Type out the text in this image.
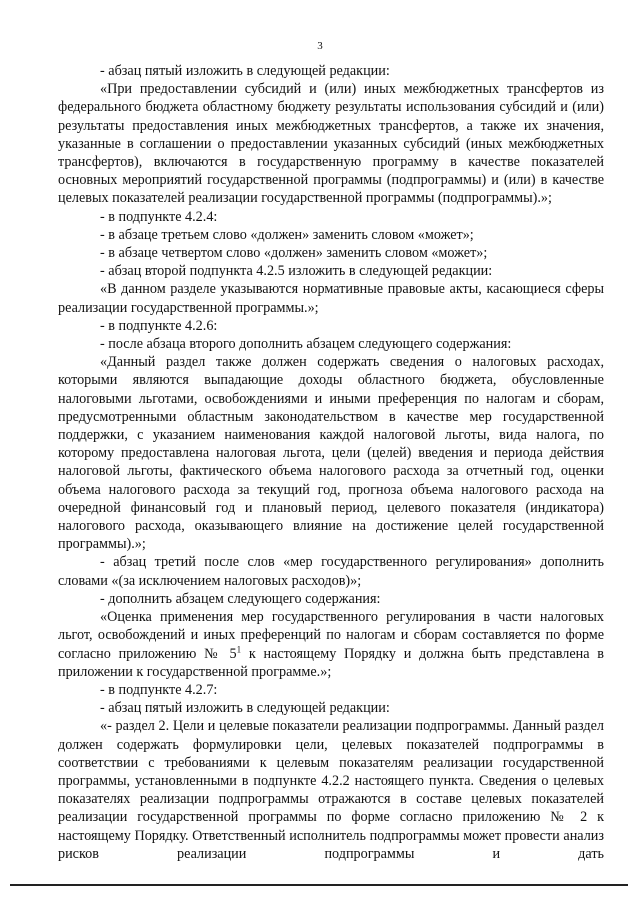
3

- абзац пятый изложить в следующей редакции:

«При предоставлении субсидий и (или) иных межбюджетных трансфертов из федерального бюджета областному бюджету результаты использования субсидий и (или) результаты предоставления иных межбюджетных трансфертов, а также их значения, указанные в соглашении о предоставлении указанных субсидий (иных межбюджетных трансфертов), включаются в государственную программу в качестве показателей основных мероприятий государственной программы (подпрограммы) и (или) в качестве целевых показателей реализации государственной программы (подпрограммы).»;

- в подпункте 4.2.4:

- в абзаце третьем слово «должен» заменить словом «может»;

- в абзаце четвертом слово «должен» заменить словом «может»;

- абзац второй подпункта 4.2.5 изложить в следующей редакции:

«В данном разделе указываются нормативные правовые акты, касающиеся сферы реализации государственной программы.»;

- в подпункте 4.2.6:

- после абзаца второго дополнить абзацем следующего содержания:

«Данный раздел также должен содержать сведения о налоговых расходах, которыми являются выпадающие доходы областного бюджета, обусловленные налоговыми льготами, освобождениями и иными преференция по налогам и сборам, предусмотренными областным законодательством в качестве мер государственной поддержки, с указанием наименования каждой налоговой льготы, вида налога, по которому предоставлена налоговая льгота, цели (целей) введения и периода действия налоговой льготы, фактического объема налогового расхода за отчетный год, оценки объема налогового расхода за текущий год, прогноза объема налогового расхода на очередной финансовый год и плановый период, целевого показателя (индикатора) налогового расхода, оказывающего влияние на достижение целей государственной программы).»;

- абзац третий после слов «мер государственного регулирования» дополнить словами «(за исключением налоговых расходов)»;

- дополнить абзацем следующего содержания:

«Оценка применения мер государственного регулирования в части налоговых льгот, освобождений и иных преференций по налогам и сборам составляется по форме согласно приложению № $5^1$ к настоящему Порядку и должна быть представлена в приложении к государственной программе.»;

- в подпункте 4.2.7:

- абзац пятый изложить в следующей редакции:

«- раздел 2. Цели и целевые показатели реализации подпрограммы. Данный раздел должен содержать формулировки цели, целевых показателей подпрограммы в соответствии с требованиями к целевым показателям реализации государственной программы, установленными в подпункте 4.2.2 настоящего пункта. Сведения о целевых показателях реализации подпрограммы отражаются в составе целевых показателей реализации государственной программы по форме согласно приложению № 2 к настоящему Порядку. Ответственный исполнитель подпрограммы может провести анализ рисков реализации подпрограммы и дать
